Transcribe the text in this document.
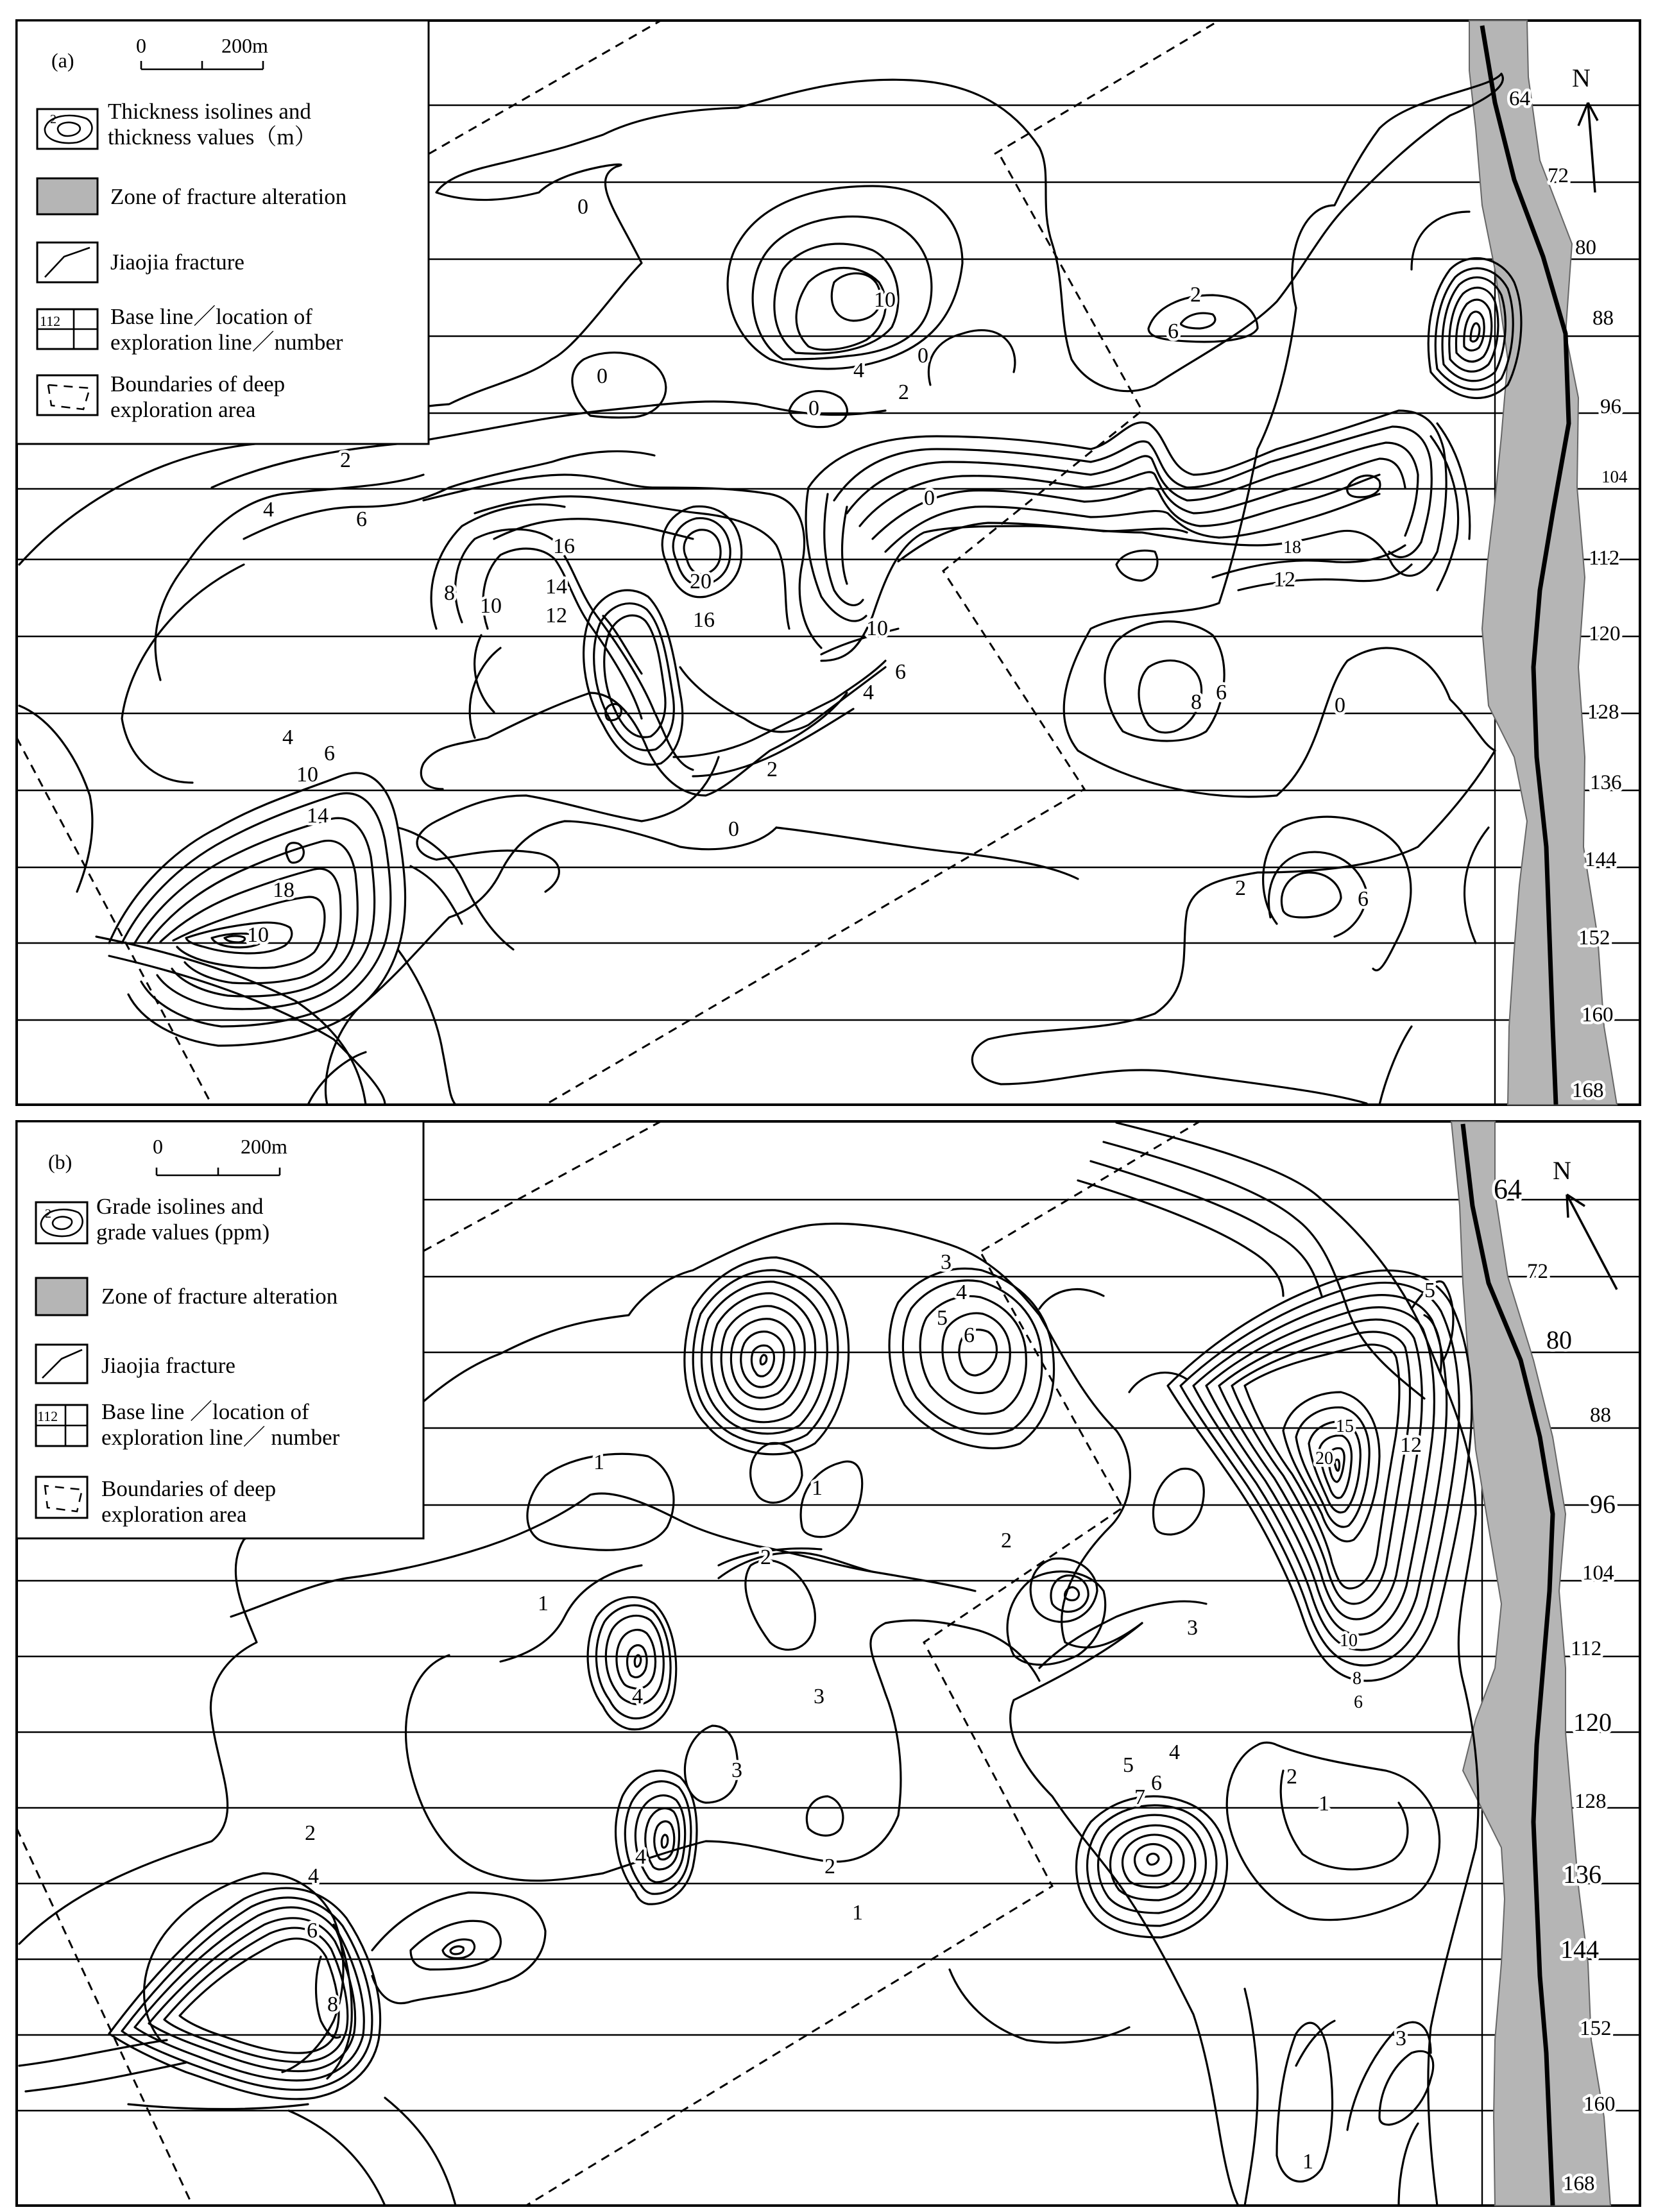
0
0
0
0
0
0
0
2
2
2
2
2
4
4
4
4
6
6
6
6
6
6
8
8
10
10
10
10
10
12
12
14
14
16
16
18
18
20
64
72
80
88
96
104
112
120
128
136
144
152
160
168
N
(a)
0	200m
2 Thickness isolines and
thickness values（m）
Zone of fracture alteration
Jiaojia fracture
112 Base line／location of
exploration line／number
Boundaries of deep
exploration area
1
1
1
1
1
1
2
2
2
2
2
3
3
3
3
3
4
4
4
4
4
5
5
5
6
6
6
6
7
8
8
10
12
15
20
64
72
80
88
96
104
112
120
128
136
144
152
160
168
N
(b)
0	200m
2 Grade isolines and
grade values (ppm)
Zone of fracture alteration
Jiaojia fracture
112 Base line ／location of
exploration line／ number
Boundaries of deep
exploration area
